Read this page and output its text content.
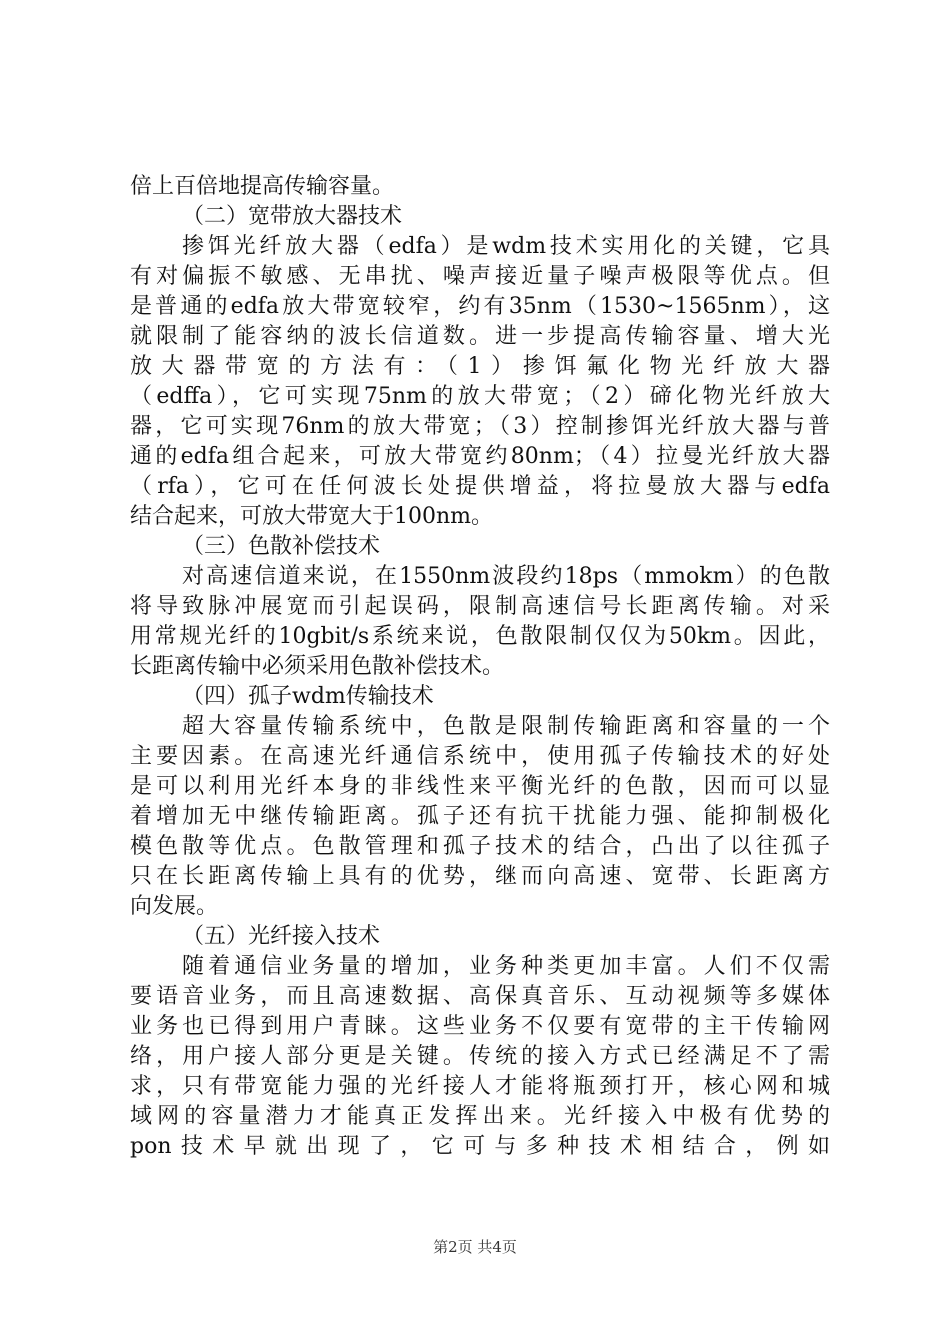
倍上百倍地提高传输容量。
（二）宽带放大器技术
掺饵光纤放大器（edfa）是wdm技术实用化的关键，它具
有对偏振不敏感、无串扰、噪声接近量子噪声极限等优点。但
是普通的edfa放大带宽较窄，约有35nm（1530~1565nm），这
就限制了能容纳的波长信道数。进一步提高传输容量、增大光
放大器带宽的方法有：（1）掺饵氟化物光纤放大器
（edffa），它可实现75nm的放大带宽；（2）碲化物光纤放大
器，它可实现76nm的放大带宽；（3）控制掺饵光纤放大器与普
通的edfa组合起来，可放大带宽约80nm；（4）拉曼光纤放大器
（rfa），它可在任何波长处提供增益，将拉曼放大器与edfa
结合起来，可放大带宽大于100nm。
（三）色散补偿技术
对高速信道来说，在1550nm波段约18ps（mmokm）的色散
将导致脉冲展宽而引起误码，限制高速信号长距离传输。对采
用常规光纤的10gbit/s系统来说，色散限制仅仅为50km。因此，
长距离传输中必须采用色散补偿技术。
（四）孤子wdm传输技术
超大容量传输系统中，色散是限制传输距离和容量的一个
主要因素。在高速光纤通信系统中，使用孤子传输技术的好处
是可以利用光纤本身的非线性来平衡光纤的色散，因而可以显
着增加无中继传输距离。孤子还有抗干扰能力强、能抑制极化
模色散等优点。色散管理和孤子技术的结合，凸出了以往孤子
只在长距离传输上具有的优势，继而向高速、宽带、长距离方
向发展。
（五）光纤接入技术
随着通信业务量的增加，业务种类更加丰富。人们不仅需
要语音业务，而且高速数据、高保真音乐、互动视频等多媒体
业务也已得到用户青睐。这些业务不仅要有宽带的主干传输网
络，用户接人部分更是关键。传统的接入方式已经满足不了需
求，只有带宽能力强的光纤接人才能将瓶颈打开，核心网和城
域网的容量潜力才能真正发挥出来。光纤接入中极有优势的
pon技术早就出现了，它可与多种技术相结合，例如
第2页 共4页
